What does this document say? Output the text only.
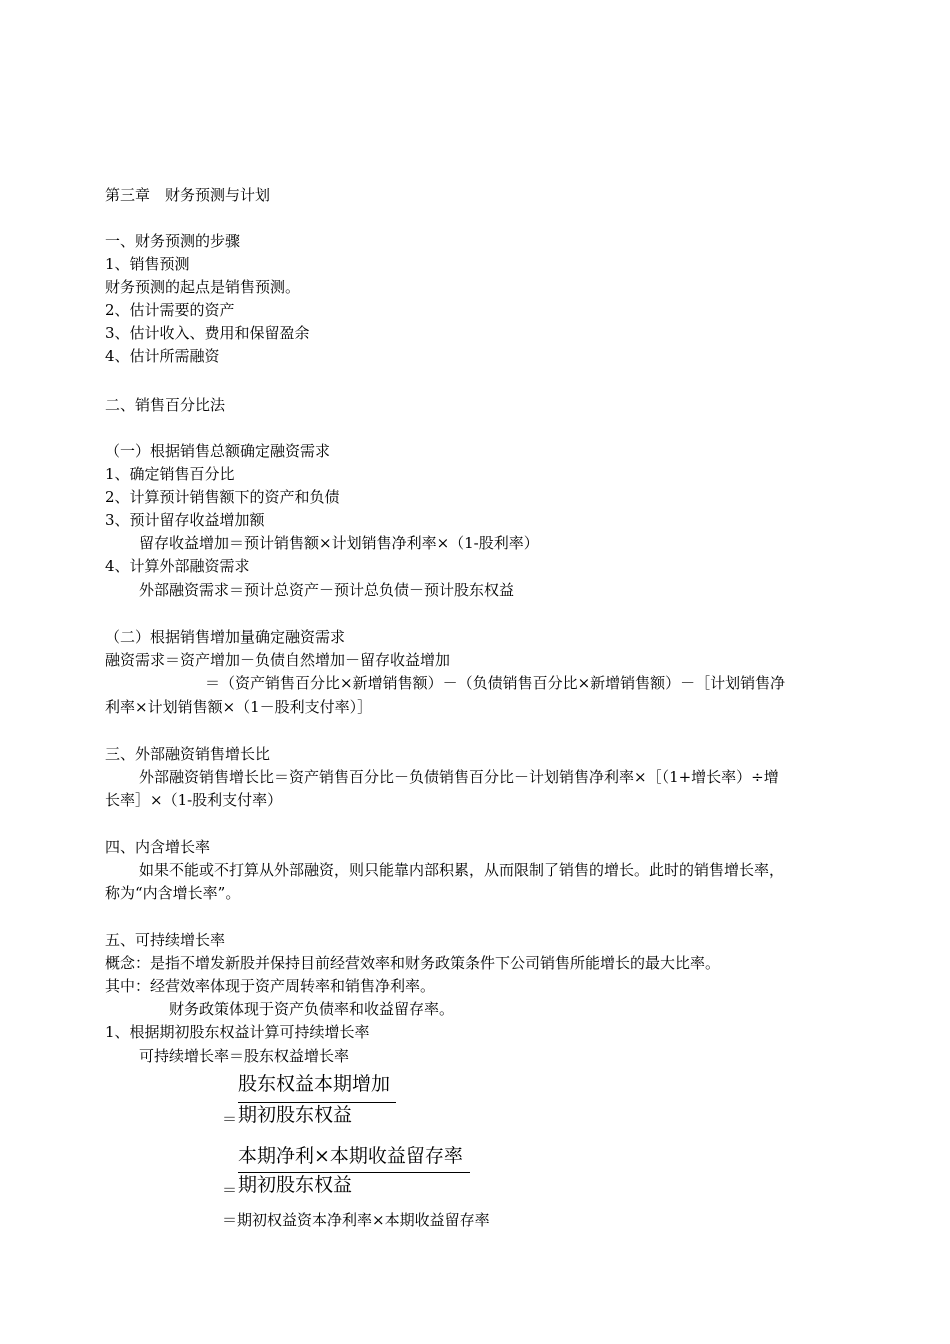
第三章　财务预测与计划
一、财务预测的步骤
1、销售预测
财务预测的起点是销售预测。
2、估计需要的资产
3、估计收入、费用和保留盈余
4、估计所需融资
二、销售百分比法
（一）根据销售总额确定融资需求
1、确定销售百分比
2、计算预计销售额下的资产和负债
3、预计留存收益增加额
留存收益增加＝预计销售额×计划销售净利率×（1-股利率）
4、计算外部融资需求
外部融资需求＝预计总资产－预计总负债－预计股东权益
（二）根据销售增加量确定融资需求
融资需求＝资产增加－负债自然增加－留存收益增加
＝（资产销售百分比×新增销售额）－（负债销售百分比×新增销售额）－［计划销售净
利率×计划销售额×（1－股利支付率）］
三、外部融资销售增长比
外部融资销售增长比＝资产销售百分比－负债销售百分比－计划销售净利率×［（1+增长率）÷增
长率］×（1-股利支付率）
四、内含增长率
如果不能或不打算从外部融资，则只能靠内部积累，从而限制了销售的增长。此时的销售增长率，
称为“内含增长率”。
五、可持续增长率
概念：是指不增发新股并保持目前经营效率和财务政策条件下公司销售所能增长的最大比率。
其中：经营效率体现于资产周转率和销售净利率。
财务政策体现于资产负债率和收益留存率。
1、根据期初股东权益计算可持续增长率
可持续增长率＝股东权益增长率
股东权益本期增加
期初股东权益
＝
本期净利×本期收益留存率
期初股东权益
＝
＝期初权益资本净利率×本期收益留存率
